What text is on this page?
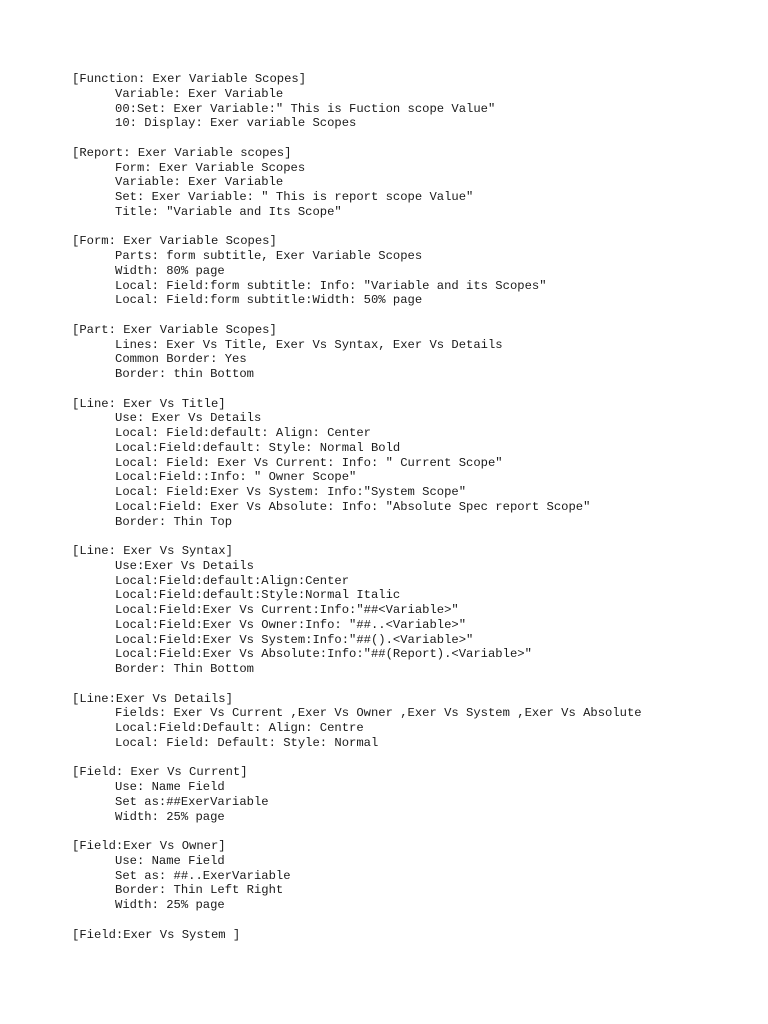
[Function: Exer Variable Scopes]
Variable: Exer Variable
00:Set: Exer Variable:" This is Fuction scope Value"
10: Display: Exer variable Scopes
[Report: Exer Variable scopes]
Form: Exer Variable Scopes
Variable: Exer Variable
Set: Exer Variable: " This is report scope Value"
Title: "Variable and Its Scope"
[Form: Exer Variable Scopes]
Parts: form subtitle, Exer Variable Scopes
Width: 80% page
Local: Field:form subtitle: Info: "Variable and its Scopes"
Local: Field:form subtitle:Width: 50% page
[Part: Exer Variable Scopes]
Lines: Exer Vs Title, Exer Vs Syntax, Exer Vs Details
Common Border: Yes
Border: thin Bottom
[Line: Exer Vs Title]
Use: Exer Vs Details
Local: Field:default: Align: Center
Local:Field:default: Style: Normal Bold
Local: Field: Exer Vs Current: Info: " Current Scope"
Local:Field::Info: " Owner Scope"
Local: Field:Exer Vs System: Info:"System Scope"
Local:Field: Exer Vs Absolute: Info: "Absolute Spec report Scope"
Border: Thin Top
[Line: Exer Vs Syntax]
Use:Exer Vs Details
Local:Field:default:Align:Center
Local:Field:default:Style:Normal Italic
Local:Field:Exer Vs Current:Info:"##<Variable>"
Local:Field:Exer Vs Owner:Info: "##..<Variable>"
Local:Field:Exer Vs System:Info:"##().<Variable>"
Local:Field:Exer Vs Absolute:Info:"##(Report).<Variable>"
Border: Thin Bottom
[Line:Exer Vs Details]
Fields: Exer Vs Current ,Exer Vs Owner ,Exer Vs System ,Exer Vs Absolute
Local:Field:Default: Align: Centre
Local: Field: Default: Style: Normal
[Field: Exer Vs Current]
Use: Name Field
Set as:##ExerVariable
Width: 25% page
[Field:Exer Vs Owner]
Use: Name Field
Set as: ##..ExerVariable
Border: Thin Left Right
Width: 25% page
[Field:Exer Vs System ]
